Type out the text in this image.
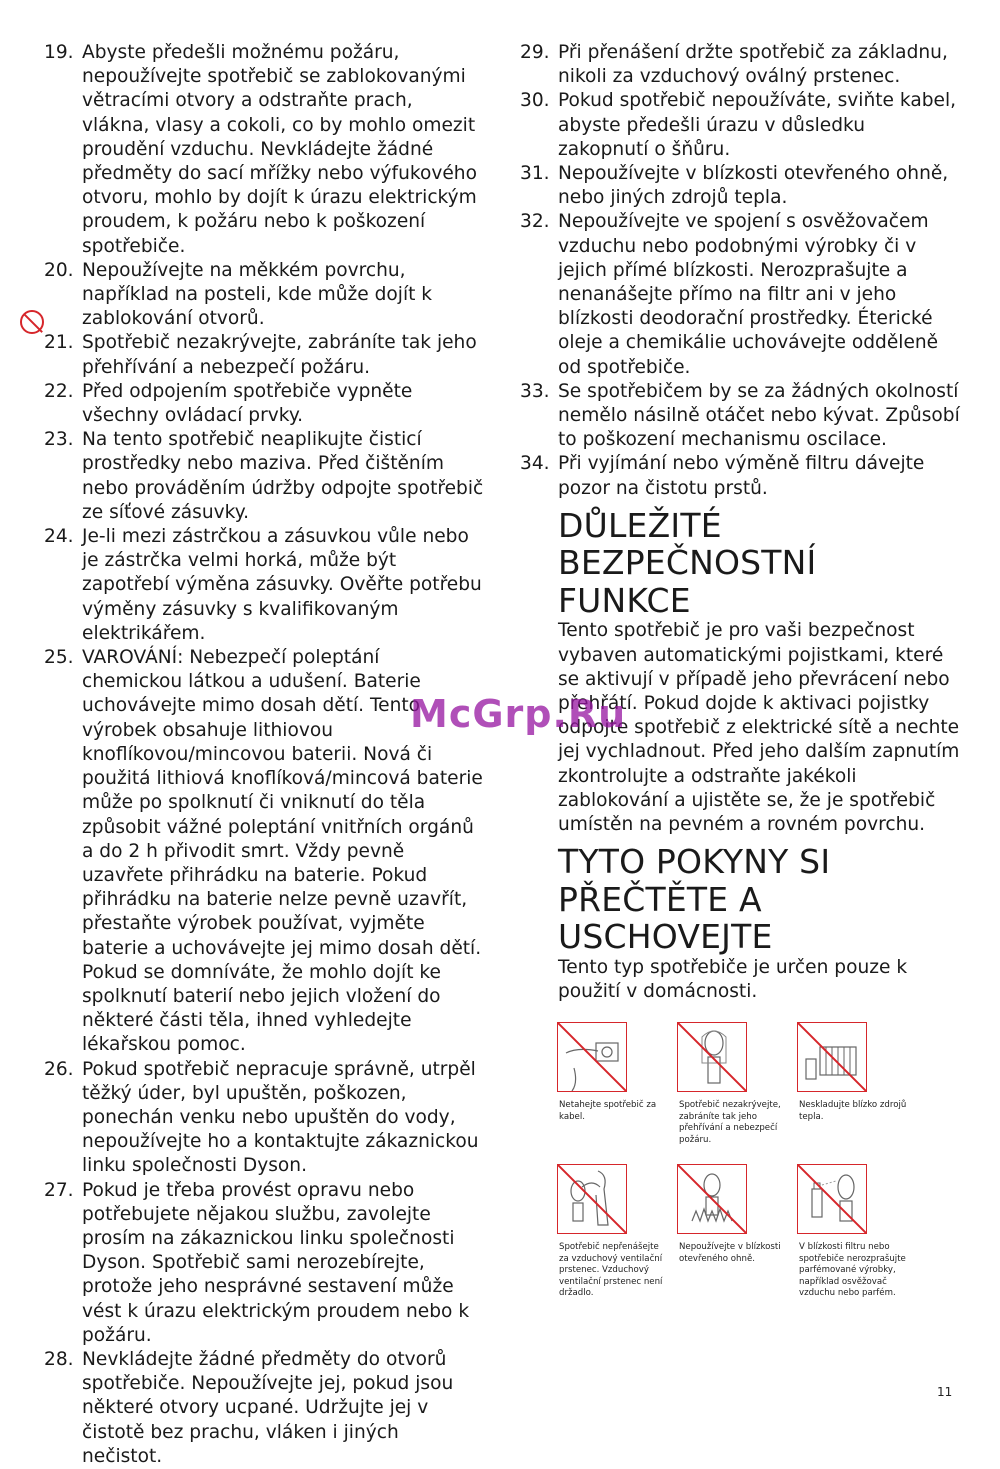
19. Abyste předešli možnému požáru, nepoužívejte spotřebič se zablokovanými větracími otvory a odstraňte prach, vlákna, vlasy a cokoli, co by mohlo omezit proudění vzduchu. Nevkládejte žádné předměty do sací mřížky nebo výfukového otvoru, mohlo by dojít k úrazu elektrickým proudem, k požáru nebo k poškození spotřebiče.
20. Nepoužívejte na měkkém povrchu, například na posteli, kde může dojít k zablokování otvorů.
21. Spotřebič nezakrývejte, zabráníte tak jeho přehřívání a nebezpečí požáru.
22. Před odpojením spotřebiče vypněte všechny ovládací prvky.
23. Na tento spotřebič neaplikujte čisticí prostředky nebo maziva. Před čištěním nebo prováděním údržby odpojte spotřebič ze síťové zásuvky.
24. Je-li mezi zástrčkou a zásuvkou vůle nebo je zástrčka velmi horká, může být zapotřebí výměna zásuvky. Ověřte potřebu výměny zásuvky s kvalifikovaným elektrikářem.
25. VAROVÁNÍ: Nebezpečí poleptání chemickou látkou a udušení. Baterie uchovávejte mimo dosah dětí. Tento výrobek obsahuje lithiovou knoflíkovou/mincovou baterii. Nová či použitá lithiová knoflíková/mincová baterie může po spolknutí či vniknutí do těla způsobit vážné poleptání vnitřních orgánů a do 2 h přivodit smrt. Vždy pevně uzavřete přihrádku na baterie. Pokud přihrádku na baterie nelze pevně uzavřít, přestaňte výrobek používat, vyjměte baterie a uchovávejte jej mimo dosah dětí. Pokud se domníváte, že mohlo dojít ke spolknutí baterií nebo jejich vložení do některé části těla, ihned vyhledejte lékařskou pomoc.
26. Pokud spotřebič nepracuje správně, utrpěl těžký úder, byl upuštěn, poškozen, ponechán venku nebo upuštěn do vody, nepoužívejte ho a kontaktujte zákaznickou linku společnosti Dyson.
27. Pokud je třeba provést opravu nebo potřebujete nějakou službu, zavolejte prosím na zákaznickou linku společnosti Dyson. Spotřebič sami nerozebírejte, protože jeho nesprávné sestavení může vést k úrazu elektrickým proudem nebo k požáru.
28. Nevkládejte žádné předměty do otvorů spotřebiče. Nepoužívejte jej, pokud jsou některé otvory ucpané. Udržujte jej v čistotě bez prachu, vláken i jiných nečistot.
29. Při přenášení držte spotřebič za základnu, nikoli za vzduchový oválný prstenec.
30. Pokud spotřebič nepoužíváte, sviňte kabel, abyste předešli úrazu v důsledku zakopnutí o šňůru.
31. Nepoužívejte v blízkosti otevřeného ohně, nebo jiných zdrojů tepla.
32. Nepoužívejte ve spojení s osvěžovačem vzduchu nebo podobnými výrobky či v jejich přímé blízkosti. Nerozprašujte a nenanášejte přímo na filtr ani v jeho blízkosti deodorační prostředky. Éterické oleje a chemikálie uchovávejte odděleně od spotřebiče.
33. Se spotřebičem by se za žádných okolností nemělo násilně otáčet nebo kývat. Způsobí to poškození mechanismu oscilace.
34. Při vyjímání nebo výměně filtru dávejte pozor na čistotu prstů.
DŮLEŽITÉ
BEZPEČNOSTNÍ
FUNKCE

Tento spotřebič je pro vaši bezpečnost vybaven automatickými pojistkami, které se aktivují v případě jeho převrácení nebo přehřátí. Pokud dojde k aktivaci pojistky odpojte spotřebič z elektrické sítě a nechte jej vychladnout. Před jeho dalším zapnutím zkontrolujte a odstraňte jakékoli zablokování a ujistěte se, že je spotřebič umístěn na pevném a rovném povrchu.

TYTO POKYNY SI
PŘEČTĚTE A
USCHOVEJTE

Tento typ spotřebiče je určen pouze k použití v domácnosti.

McGrp.Ru
Netahejte spotřebič za kabel.
Spotřebič nezakrývejte, zabráníte tak jeho přehřívání a nebezpečí požáru.
Neskladujte blízko zdrojů tepla.
Spotřebič nepřenášejte za vzduchový ventilační prstenec. Vzduchový ventilační prstenec není držadlo.
Nepoužívejte v blízkosti otevřeného ohně.
V blízkosti filtru nebo spotřebiče nerozprašujte parfémované výrobky, například osvěžovač vzduchu nebo parfém.
11
